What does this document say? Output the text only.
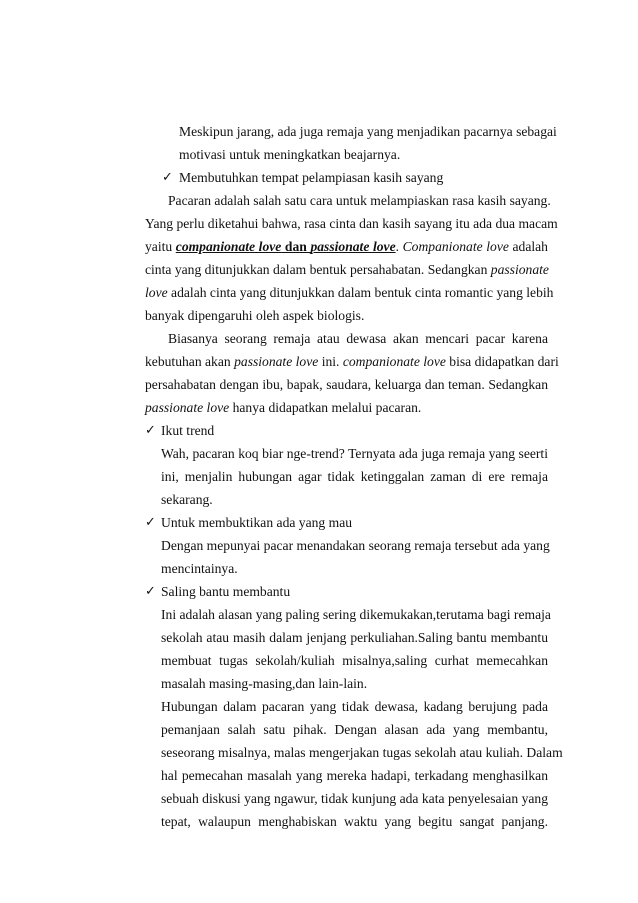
Meskipun jarang, ada juga remaja yang menjadikan pacarnya sebagai
motivasi untuk meningkatkan beajarnya.
✓ Membutuhkan tempat pelampiasan kasih sayang
Pacaran adalah salah satu cara untuk melampiaskan rasa kasih sayang.
Yang perlu diketahui bahwa, rasa cinta dan kasih sayang itu ada dua macam
yaitu companionate love dan passionate love. Companionate love adalah
cinta yang ditunjukkan dalam bentuk persahabatan. Sedangkan passionate
love adalah cinta yang ditunjukkan dalam bentuk cinta romantic yang lebih
banyak dipengaruhi oleh aspek biologis.
Biasanya seorang remaja atau dewasa akan mencari pacar karena
kebutuhan akan passionate love ini. companionate love bisa didapatkan dari
persahabatan dengan ibu, bapak, saudara, keluarga dan teman. Sedangkan
passionate love hanya didapatkan melalui pacaran.
✓ Ikut trend
Wah, pacaran koq biar nge-trend? Ternyata ada juga remaja yang seerti
ini, menjalin hubungan agar tidak ketinggalan zaman di ere remaja
sekarang.
✓ Untuk membuktikan ada yang mau
Dengan mepunyai pacar menandakan seorang remaja tersebut ada yang
mencintainya.
✓ Saling bantu membantu
Ini adalah alasan yang paling sering dikemukakan,terutama bagi remaja
sekolah atau masih dalam jenjang perkuliahan.Saling bantu membantu
membuat tugas sekolah/kuliah misalnya,saling curhat memecahkan
masalah masing-masing,dan lain-lain.
Hubungan dalam pacaran yang tidak dewasa, kadang berujung pada
pemanjaan salah satu pihak. Dengan alasan ada yang membantu,
seseorang misalnya, malas mengerjakan tugas sekolah atau kuliah. Dalam
hal pemecahan masalah yang mereka hadapi, terkadang menghasilkan
sebuah diskusi yang ngawur, tidak kunjung ada kata penyelesaian yang
tepat, walaupun menghabiskan waktu yang begitu sangat panjang.
